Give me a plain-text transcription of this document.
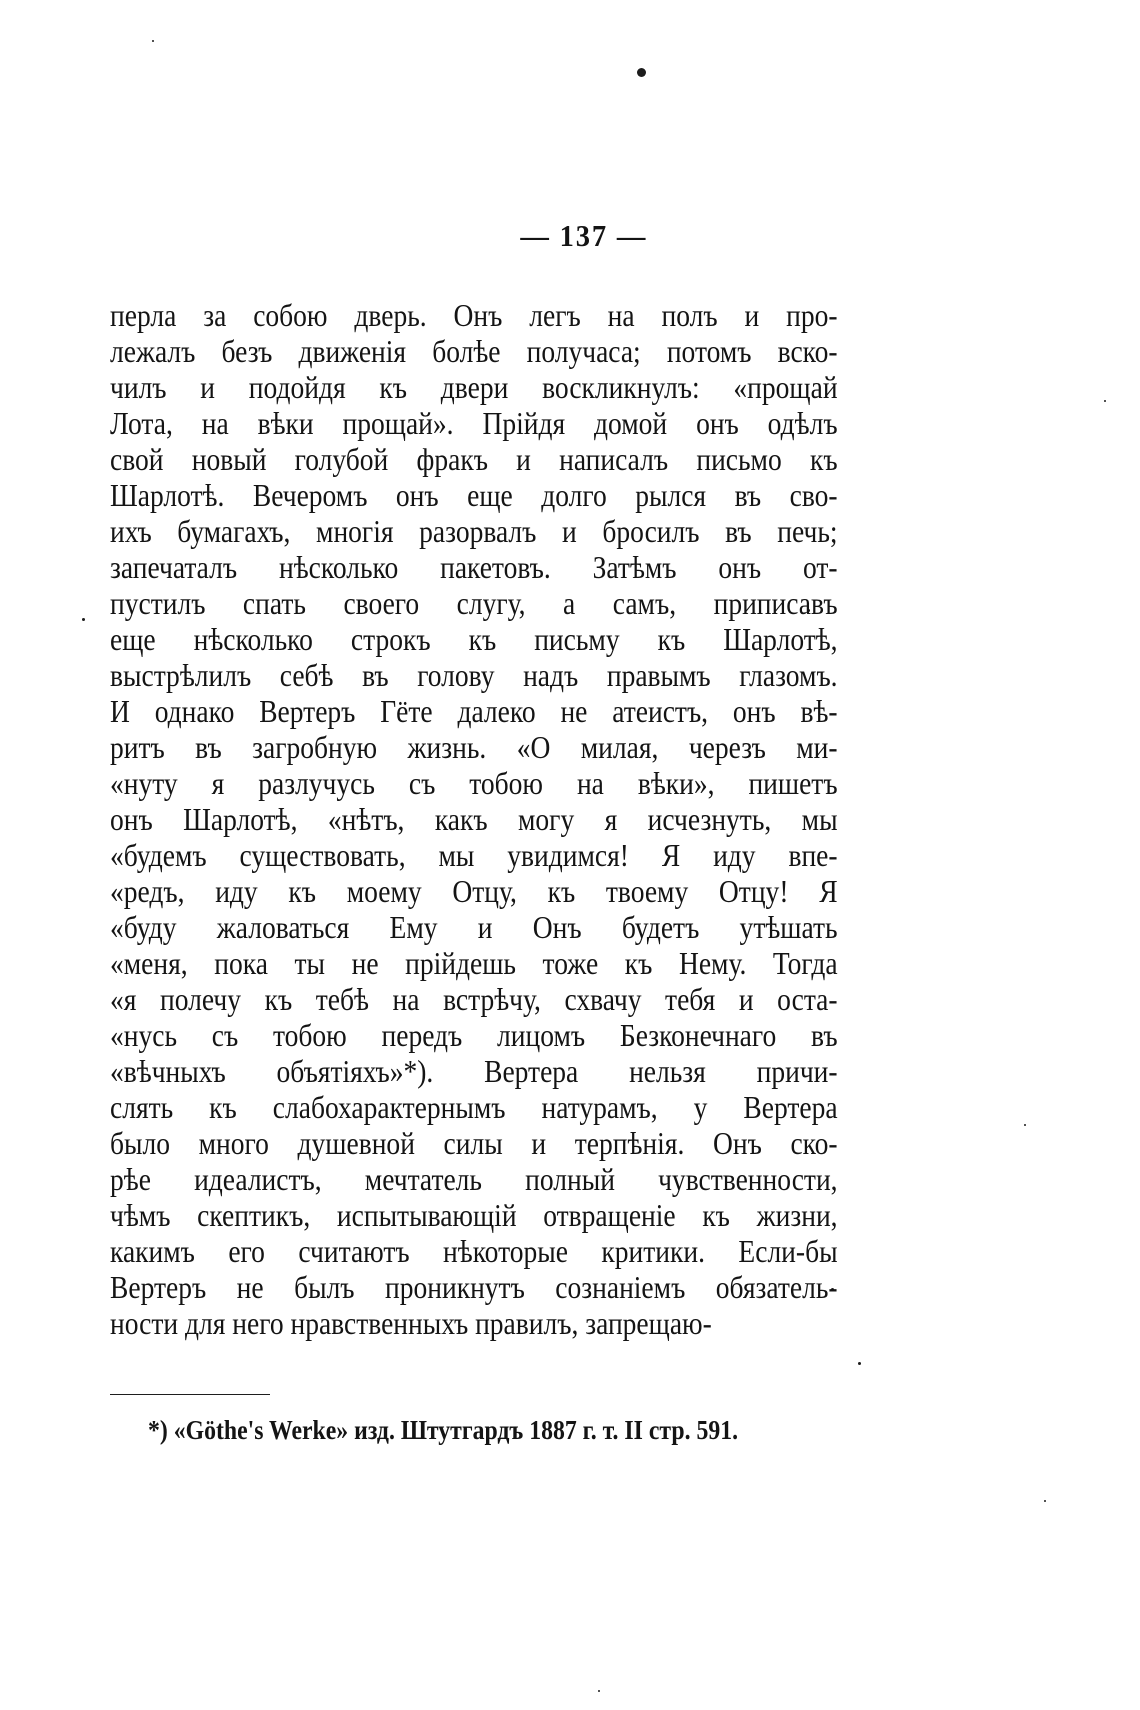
— 137 —
перла за собою дверь. Онъ легъ на полъ и про-
лежалъ безъ движенія болѣе получаса; потомъ вско-
чилъ и подойдя къ двери воскликнулъ: «прощай
Лота, на вѣки прощай». Прійдя домой онъ одѣлъ
свой новый голубой фракъ и написалъ письмо къ
Шарлотѣ. Вечеромъ онъ еще долго рылся въ сво-
ихъ бумагахъ, многія разорвалъ и бросилъ въ печь;
запечаталъ нѣсколько пакетовъ. Затѣмъ онъ от-
пустилъ спать своего слугу, а самъ, приписавъ
еще нѣсколько строкъ къ письму къ Шарлотѣ,
выстрѣлилъ себѣ въ голову надъ правымъ глазомъ.
И однако Вертеръ Гёте далеко не атеистъ, онъ вѣ-
ритъ въ загробную жизнь. «О милая, черезъ ми-
«нуту я разлучусь съ тобою на вѣки», пишетъ
онъ Шарлотѣ, «нѣтъ, какъ могу я исчезнуть, мы
«будемъ существовать, мы увидимся! Я иду впе-
«редъ, иду къ моему Отцу, къ твоему Отцу! Я
«буду жаловаться Ему и Онъ будетъ утѣшать
«меня, пока ты не прійдешь тоже къ Нему. Тогда
«я полечу къ тебѣ на встрѣчу, схвачу тебя и оста-
«нусь съ тобою передъ лицомъ Безконечнаго въ
«вѣчныхъ объятіяхъ»*). Вертера нельзя причи-
слять къ слабохарактернымъ натурамъ, у Вертера
было много душевной силы и терпѣнія. Онъ ско-
рѣе идеалистъ, мечтатель полный чувственности,
чѣмъ скептикъ, испытывающій отвращеніе къ жизни,
какимъ его считаютъ нѣкоторые критики. Если-бы
Вертеръ не былъ проникнутъ сознаніемъ обязатель-
ности для него нравственныхъ правилъ, запрещаю-
*) «Göthe's Werke» изд. Штутгардъ 1887 г. т. II стр. 591.
